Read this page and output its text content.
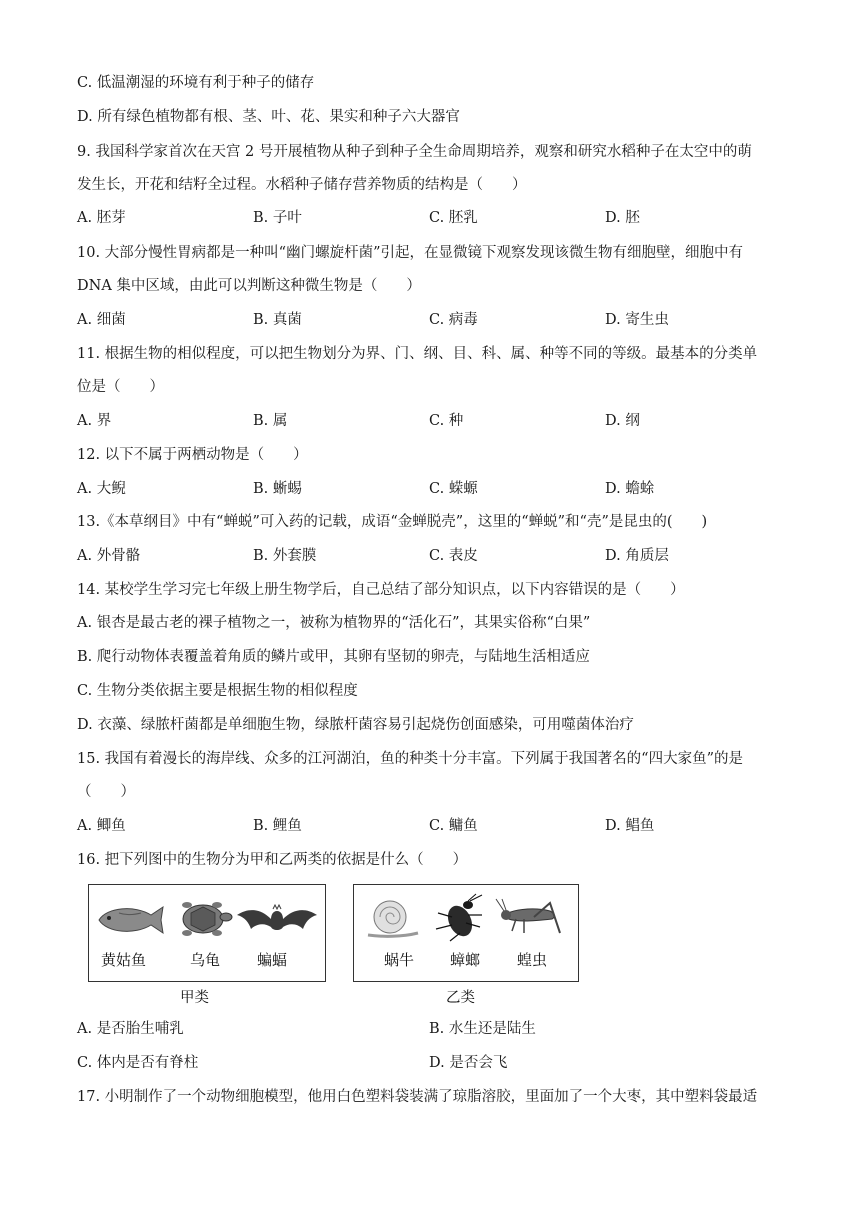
C. 低温潮湿的环境有利于种子的储存
D. 所有绿色植物都有根、茎、叶、花、果实和种子六大器官
9. 我国科学家首次在天宫 2 号开展植物从种子到种子全生命周期培养，观察和研究水稻种子在太空中的萌
发生长，开花和结籽全过程。水稻种子储存营养物质的结构是（　　）
A. 胚芽	B. 子叶	C. 胚乳	D. 胚
10. 大部分慢性胃病都是一种叫“幽门螺旋杆菌”引起，在显微镜下观察发现该微生物有细胞壁，细胞中有
DNA 集中区域，由此可以判断这种微生物是（　　）
A. 细菌	B. 真菌	C. 病毒	D. 寄生虫
11. 根据生物的相似程度，可以把生物划分为界、门、纲、目、科、属、种等不同的等级。最基本的分类单
位是（　　）
A. 界	B. 属	C. 种	D. 纲
12. 以下不属于两栖动物是（　　）
A. 大鲵	B. 蜥蜴	C. 蝾螈	D. 蟾蜍
13.《本草纲目》中有“蝉蜕”可入药的记载，成语“金蝉脱壳”，这里的“蝉蜕”和“壳”是昆虫的(　　)
A. 外骨骼	B. 外套膜	C. 表皮	D. 角质层
14. 某校学生学习完七年级上册生物学后，自己总结了部分知识点，以下内容错误的是（　　）
A. 银杏是最古老的裸子植物之一，被称为植物界的“活化石”，其果实俗称“白果”
B. 爬行动物体表覆盖着角质的鳞片或甲，其卵有坚韧的卵壳，与陆地生活相适应
C. 生物分类依据主要是根据生物的相似程度
D. 衣藻、绿脓杆菌都是单细胞生物，绿脓杆菌容易引起烧伤创面感染，可用噬菌体治疗
15. 我国有着漫长的海岸线、众多的江河湖泊，鱼的种类十分丰富。下列属于我国著名的“四大家鱼”的是
（　　）
A. 鲫鱼	B. 鲤鱼	C. 鳙鱼	D. 鲳鱼
16. 把下列图中的生物分为甲和乙两类的依据是什么（　　）
黄姑鱼	乌龟 蝙蝠
甲类
蜗牛 蟑螂 蝗虫
乙类
A. 是否胎生哺乳	B. 水生还是陆生
C. 体内是否有脊柱	D. 是否会飞
17. 小明制作了一个动物细胞模型，他用白色塑料袋装满了琼脂溶胶，里面加了一个大枣，其中塑料袋最适
